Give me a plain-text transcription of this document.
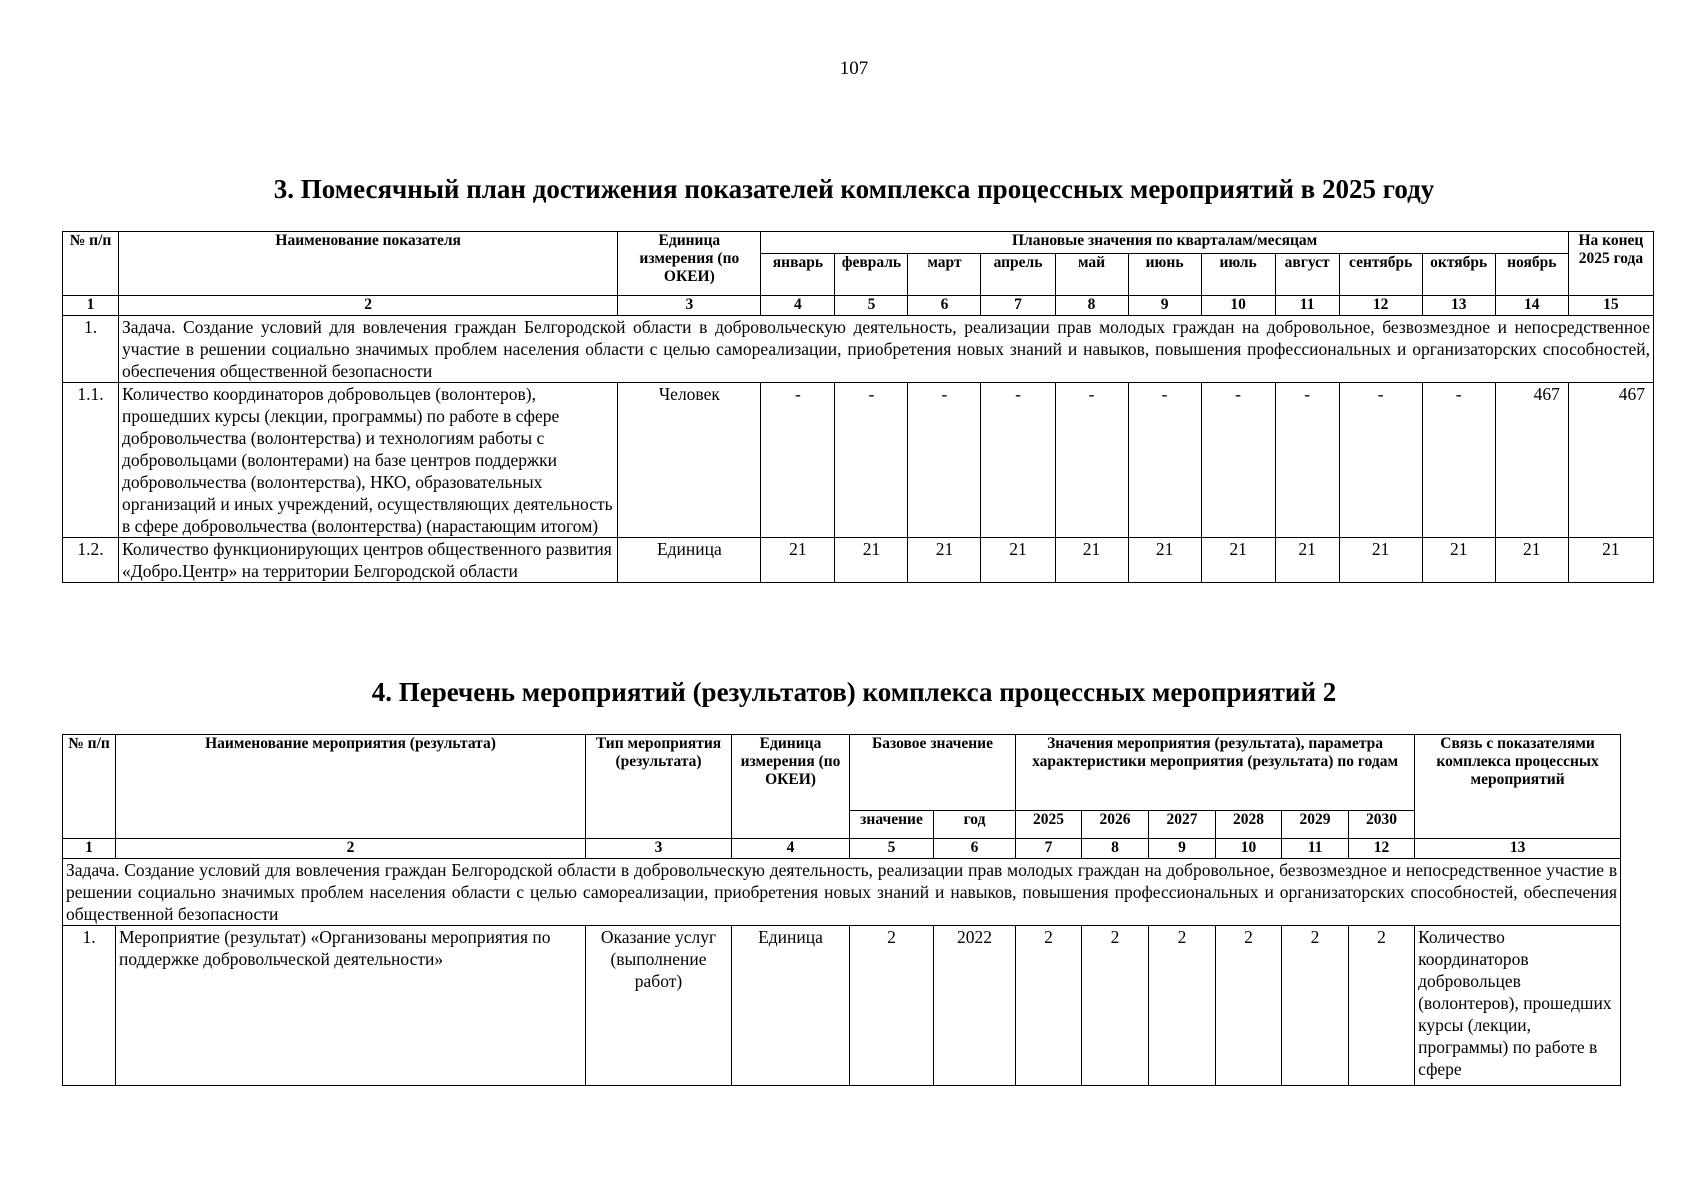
107
3. Помесячный план достижения показателей комплекса процессных мероприятий в 2025 году
№ п/п	Наименование показателя	Единица измерения (по ОКЕИ)	Плановые значения по кварталам/месяцам											На конец 2025 года
			январь	февраль	март	апрель	май	июнь	июль	август	сентябрь	октябрь	ноябрь	
1	2	3	4	5	6	7	8	9	10	11	12	13	14	15
1.	Задача. Создание условий для вовлечения граждан Белгородской области в добровольческую деятельность, реализации прав молодых граждан на добровольное, безвозмездное и непосредственное участие в решении социально значимых проблем населения области с целью самореализации, приобретения новых знаний и навыков, повышения профессиональных и организаторских способностей, обеспечения общественной безопасности													
1.1.	Количество координаторов добровольцев (волонтеров), прошедших курсы (лекции, программы) по работе в сфере добровольчества (волонтерства) и технологиям работы с добровольцами (волонтерами) на базе центров поддержки добровольчества (волонтерства), НКО, образовательных организаций и иных учреждений, осуществляющих деятельность в сфере добровольчества (волонтерства) (нарастающим итогом)	Человек	-	-	-	-	-	-	-	-	-	-	467	467
1.2.	Количество функционирующих центров общественного развития «Добро.Центр» на территории Белгородской области	Единица	21	21	21	21	21	21	21	21	21	21	21	21
4. Перечень мероприятий (результатов) комплекса процессных мероприятий 2
№ п/п	Наименование мероприятия (результата)	Тип мероприятия (результата)	Единица измерения (по ОКЕИ)	Базовое значение		Значения мероприятия (результата), параметра характеристики мероприятия (результата) по годам						Связь с показателями комплекса процессных мероприятий
				значение	год	2025	2026	2027	2028	2029	2030	
1	2	3	4	5	6	7	8	9	10	11	12	13
Задача. Создание условий для вовлечения граждан Белгородской области в добровольческую деятельность, реализации прав молодых граждан на добровольное, безвозмездное и непосредственное участие в решении социально значимых проблем населения области с целью самореализации, приобретения новых знаний и навыков, повышения профессиональных и организаторских способностей, обеспечения общественной безопасности												
1.	Мероприятие (результат) «Организованы мероприятия по поддержке добровольческой деятельности»	Оказание услуг (выполнение работ)	Единица	2	2022	2	2	2	2	2	2	Количество координаторов добровольцев (волонтеров), прошедших курсы (лекции, программы) по работе в сфере
